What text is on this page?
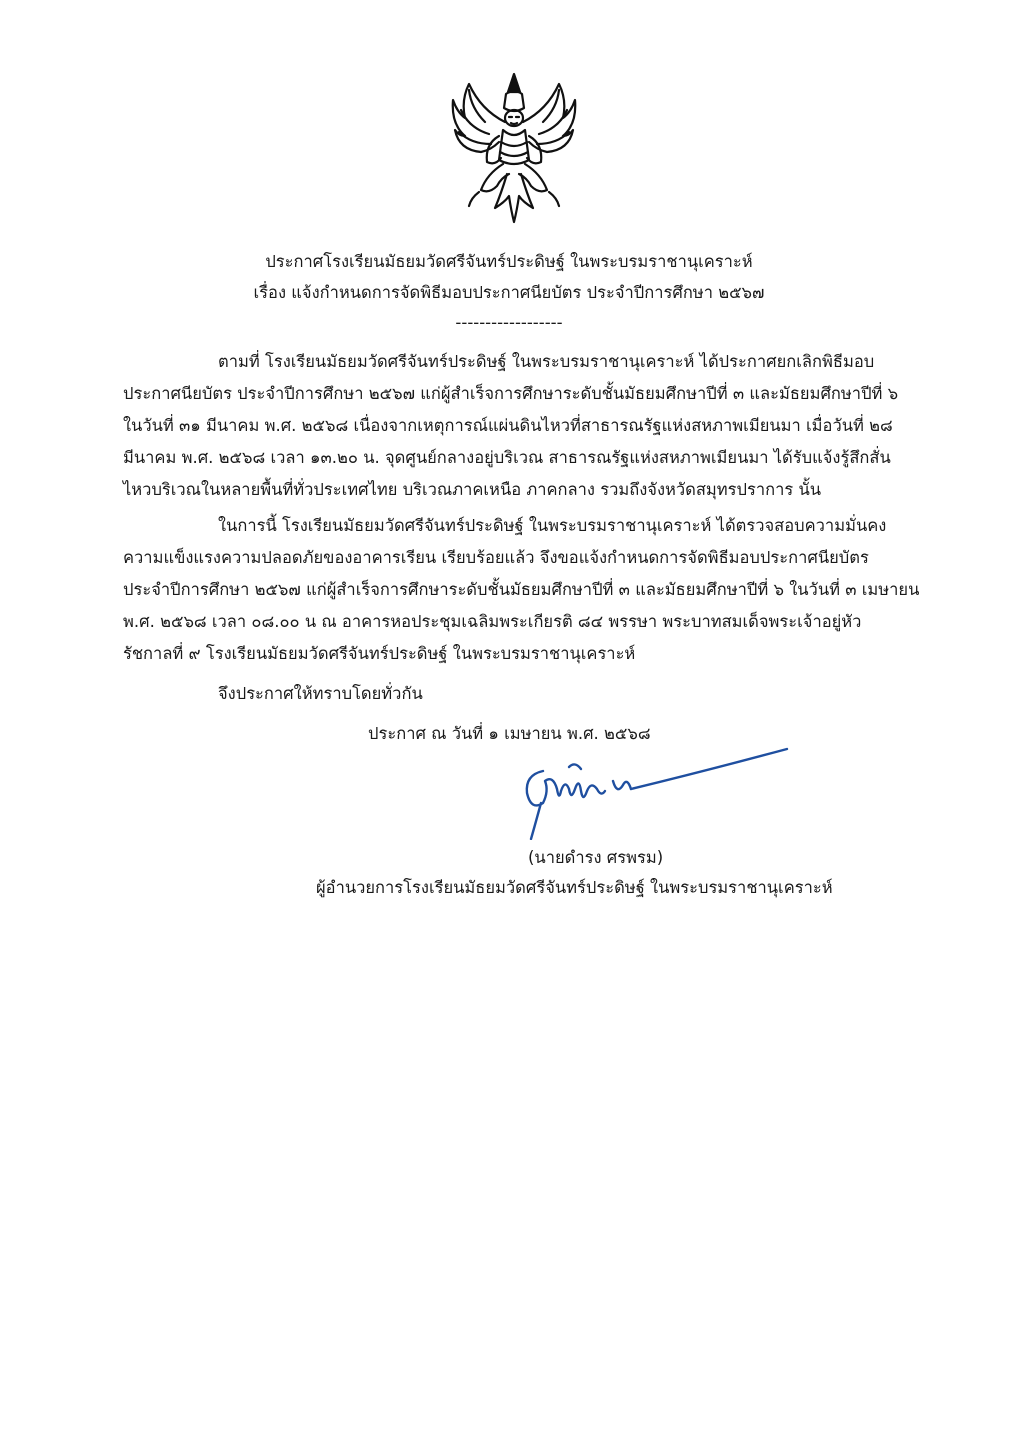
ประกาศโรงเรียนมัธยมวัดศรีจันทร์ประดิษฐ์ ในพระบรมราชานุเคราะห์
เรื่อง แจ้งกำหนดการจัดพิธีมอบประกาศนียบัตร ประจำปีการศึกษา ๒๕๖๗
------------------
ตามที่ โรงเรียนมัธยมวัดศรีจันทร์ประดิษฐ์ ในพระบรมราชานุเคราะห์ ได้ประกาศยกเลิกพิธีมอบ
ประกาศนียบัตร ประจำปีการศึกษา ๒๕๖๗ แก่ผู้สำเร็จการศึกษาระดับชั้นมัธยมศึกษาปีที่ ๓ และมัธยมศึกษาปีที่ ๖
ในวันที่ ๓๑ มีนาคม พ.ศ. ๒๕๖๘ เนื่องจากเหตุการณ์แผ่นดินไหวที่สาธารณรัฐแห่งสหภาพเมียนมา เมื่อวันที่ ๒๘
มีนาคม พ.ศ. ๒๕๖๘ เวลา ๑๓.๒๐ น. จุดศูนย์กลางอยู่บริเวณ สาธารณรัฐแห่งสหภาพเมียนมา ได้รับแจ้งรู้สึกสั่น
ไหวบริเวณในหลายพื้นที่ทั่วประเทศไทย บริเวณภาคเหนือ ภาคกลาง รวมถึงจังหวัดสมุทรปราการ นั้น
ในการนี้ โรงเรียนมัธยมวัดศรีจันทร์ประดิษฐ์ ในพระบรมราชานุเคราะห์ ได้ตรวจสอบความมั่นคง
ความแข็งแรงความปลอดภัยของอาคารเรียน เรียบร้อยแล้ว จึงขอแจ้งกำหนดการจัดพิธีมอบประกาศนียบัตร
ประจำปีการศึกษา ๒๕๖๗ แก่ผู้สำเร็จการศึกษาระดับชั้นมัธยมศึกษาปีที่ ๓ และมัธยมศึกษาปีที่ ๖ ในวันที่ ๓ เมษายน
พ.ศ. ๒๕๖๘ เวลา ๐๘.๐๐ น ณ อาคารหอประชุมเฉลิมพระเกียรติ ๘๔ พรรษา พระบาทสมเด็จพระเจ้าอยู่หัว
รัชกาลที่ ๙ โรงเรียนมัธยมวัดศรีจันทร์ประดิษฐ์ ในพระบรมราชานุเคราะห์
จึงประกาศให้ทราบโดยทั่วกัน
ประกาศ ณ วันที่ ๑ เมษายน พ.ศ. ๒๕๖๘
(นายดำรง ศรพรม)
ผู้อำนวยการโรงเรียนมัธยมวัดศรีจันทร์ประดิษฐ์ ในพระบรมราชานุเคราะห์
